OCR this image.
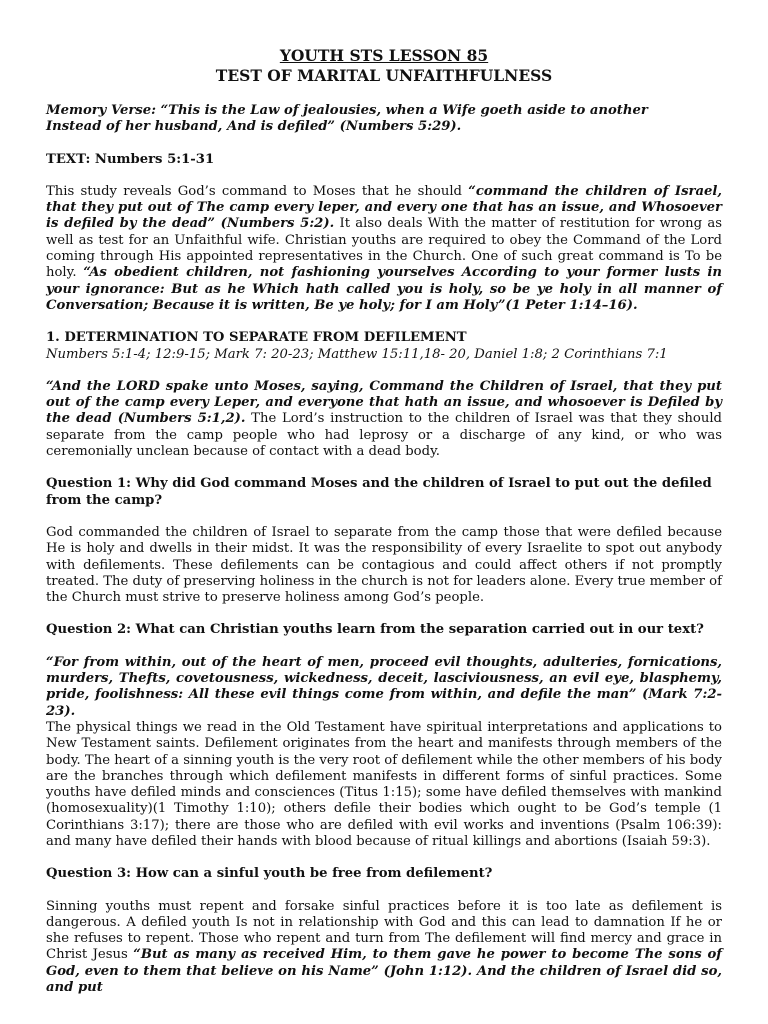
YOUTH STS LESSON 85
TEST OF MARITAL UNFAITHFULNESS
Memory Verse: “This is the Law of jealousies, when a Wife goeth aside to another
Instead of her husband, And is defiled” (Numbers 5:29).
TEXT: Numbers 5:1-31

This study reveals God’s command to Moses that he should “command the children of Israel, that they put out of The camp every leper, and every one that has an issue, and Whosoever is defiled by the dead” (Numbers 5:2). It also deals With the matter of restitution for wrong as well as test for an Unfaithful wife. Christian youths are required to obey the Command of the Lord coming through His appointed representatives in the Church. One of such great command is To be holy. “As obedient children, not fashioning yourselves According to your former lusts in your ignorance: But as he Which hath called you is holy, so be ye holy in all manner of Conversation; Because it is written, Be ye holy; for I am Holy”(1 Peter 1:14–16).

1. DETERMINATION TO SEPARATE FROM DEFILEMENT
Numbers 5:1-4; 12:9-15; Mark 7: 20-23; Matthew 15:11,18- 20, Daniel 1:8; 2 Corinthians 7:1

“And the LORD spake unto Moses, saying, Command the Children of Israel, that they put out of the camp every Leper, and everyone that hath an issue, and whosoever is Defiled by the dead (Numbers 5:1,2). The Lord’s instruction to the children of Israel was that they should separate from the camp people who had leprosy or a discharge of any kind, or who was ceremonially unclean because of contact with a dead body.

Question 1: Why did God command Moses and the children of Israel to put out the defiled from the camp?

God commanded the children of Israel to separate from the camp those that were defiled because He is holy and dwells in their midst. It was the responsibility of every Israelite to spot out anybody with defilements. These defilements can be contagious and could affect others if not promptly treated. The duty of preserving holiness in the church is not for leaders alone. Every true member of the Church must strive to preserve holiness among God’s people.

Question 2: What can Christian youths learn from the separation carried out in our text?

“For from within, out of the heart of men, proceed evil thoughts, adulteries, fornications, murders, Thefts, covetousness, wickedness, deceit, lasciviousness, an evil eye, blasphemy, pride, foolishness: All these evil things come from within, and defile the man” (Mark 7:2-23).

The physical things we read in the Old Testament have spiritual interpretations and applications to New Testament saints. Defilement originates from the heart and manifests through members of the body. The heart of a sinning youth is the very root of defilement while the other members of his body are the branches through which defilement manifests in different forms of sinful practices. Some youths have defiled minds and consciences (Titus 1:15); some have defiled themselves with mankind (homosexuality)(1 Timothy 1:10); others defile their bodies which ought to be God’s temple (1 Corinthians 3:17); there are those who are defiled with evil works and inventions (Psalm 106:39): and many have defiled their hands with blood because of ritual killings and abortions (Isaiah 59:3).

Question 3: How can a sinful youth be free from defilement?

Sinning youths must repent and forsake sinful practices before it is too late as defilement is dangerous. A defiled youth Is not in relationship with God and this can lead to damnation If he or she refuses to repent. Those who repent and turn from The defilement will find mercy and grace in Christ Jesus “But as many as received Him, to them gave he power to become The sons of God, even to them that believe on his Name” (John 1:12). And the children of Israel did so, and put
